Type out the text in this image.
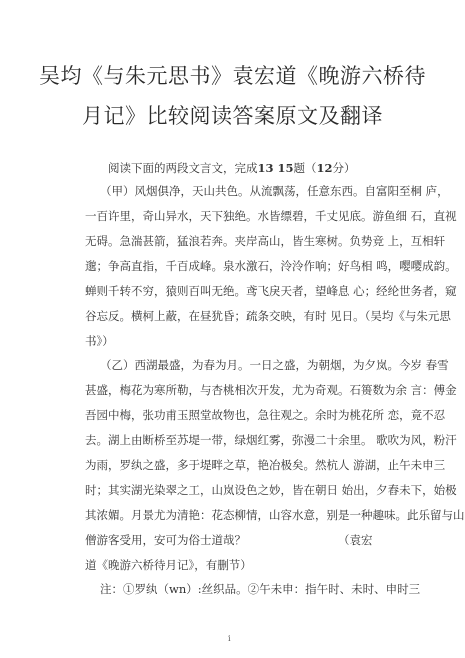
吴均《与朱元思书》袁宏道《晚游六桥待
月记》比较阅读答案原文及翻译
阅读下面的两段文言文，完成13 15题（12分）
（甲）风烟俱净，天山共色。从流飘荡，任意东西。自富阳至桐 庐，
一百许里，奇山异水，天下独绝。水皆缥碧，千丈见底。游鱼细 石，直视
无碍。急湍甚箭，猛浪若奔。夹岸高山，皆生寒树。负势竞 上，互相轩
邈；争高直指，千百成峰。泉水激石，泠泠作响；好鸟相 鸣，嘤嘤成韵。
蝉则千转不穷，猿则百叫无绝。鸢飞戾天者，望峰息 心；经纶世务者，窥
谷忘反。横柯上蔽，在昼犹昏；疏条交映，有时 见日。（吴均《与朱元思
书》）
（乙）西湖最盛，为春为月。一日之盛，为朝烟，为夕岚。今岁 春雪
甚盛，梅花为寒所勒，与杏桃相次开发，尤为奇观。石篑数为余 言：傅金
吾园中梅，张功甫玉照堂故物也，急往观之。余时为桃花所 恋，竟不忍
去。湖上由断桥至苏堤一带，绿烟红雾，弥漫二十余里。 歌吹为风，粉汗
为雨，罗纨之盛，多于堤畔之草，艳冶极矣。然杭人 游湖，止午未申三
时；其实湖光染翠之工，山岚设色之妙，皆在朝日 始出，夕舂未下，始极
其浓媚。月景尤为清艳：花态柳情，山容水意，别是一种趣味。此乐留与山
僧游客受用，安可为俗士道哉？	（袁宏
道《晚游六桥待月记》，有删节）
注：①罗纨（wn）:丝织品。②午未申：指午时、未时、申时三
i
